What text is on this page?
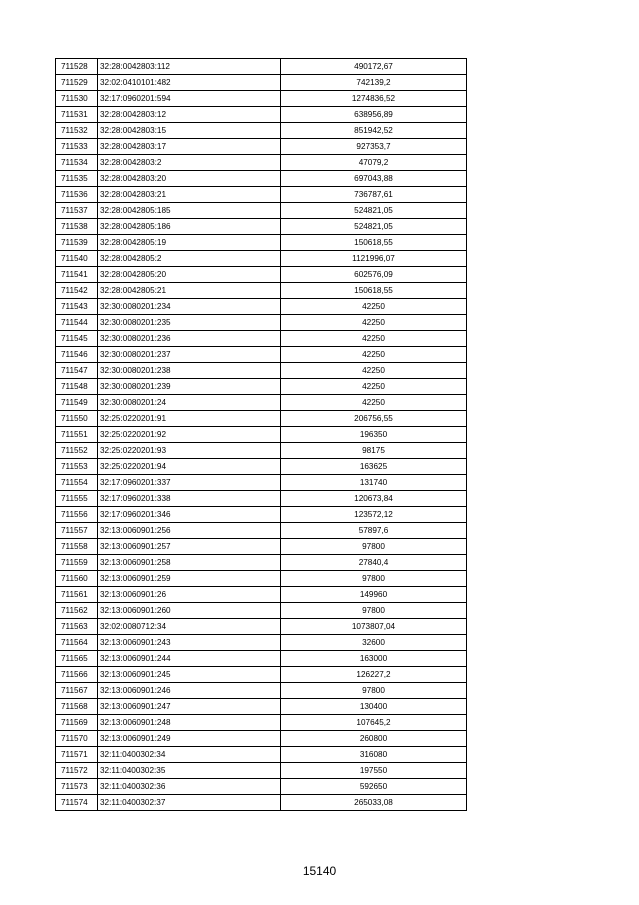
711528	32:28:0042803:112	490172,67
711529	32:02:0410101:482	742139,2
711530	32:17:0960201:594	1274836,52
711531	32:28:0042803:12	638956,89
711532	32:28:0042803:15	851942,52
711533	32:28:0042803:17	927353,7
711534	32:28:0042803:2	47079,2
711535	32:28:0042803:20	697043,88
711536	32:28:0042803:21	736787,61
711537	32:28:0042805:185	524821,05
711538	32:28:0042805:186	524821,05
711539	32:28:0042805:19	150618,55
711540	32:28:0042805:2	1121996,07
711541	32:28:0042805:20	602576,09
711542	32:28:0042805:21	150618,55
711543	32:30:0080201:234	42250
711544	32:30:0080201:235	42250
711545	32:30:0080201:236	42250
711546	32:30:0080201:237	42250
711547	32:30:0080201:238	42250
711548	32:30:0080201:239	42250
711549	32:30:0080201:24	42250
711550	32:25:0220201:91	206756,55
711551	32:25:0220201:92	196350
711552	32:25:0220201:93	98175
711553	32:25:0220201:94	163625
711554	32:17:0960201:337	131740
711555	32:17:0960201:338	120673,84
711556	32:17:0960201:346	123572,12
711557	32:13:0060901:256	57897,6
711558	32:13:0060901:257	97800
711559	32:13:0060901:258	27840,4
711560	32:13:0060901:259	97800
711561	32:13:0060901:26	149960
711562	32:13:0060901:260	97800
711563	32:02:0080712:34	1073807,04
711564	32:13:0060901:243	32600
711565	32:13:0060901:244	163000
711566	32:13:0060901:245	126227,2
711567	32:13:0060901:246	97800
711568	32:13:0060901:247	130400
711569	32:13:0060901:248	107645,2
711570	32:13:0060901:249	260800
711571	32:11:0400302:34	316080
711572	32:11:0400302:35	197550
711573	32:11:0400302:36	592650
711574	32:11:0400302:37	265033,08
15140
